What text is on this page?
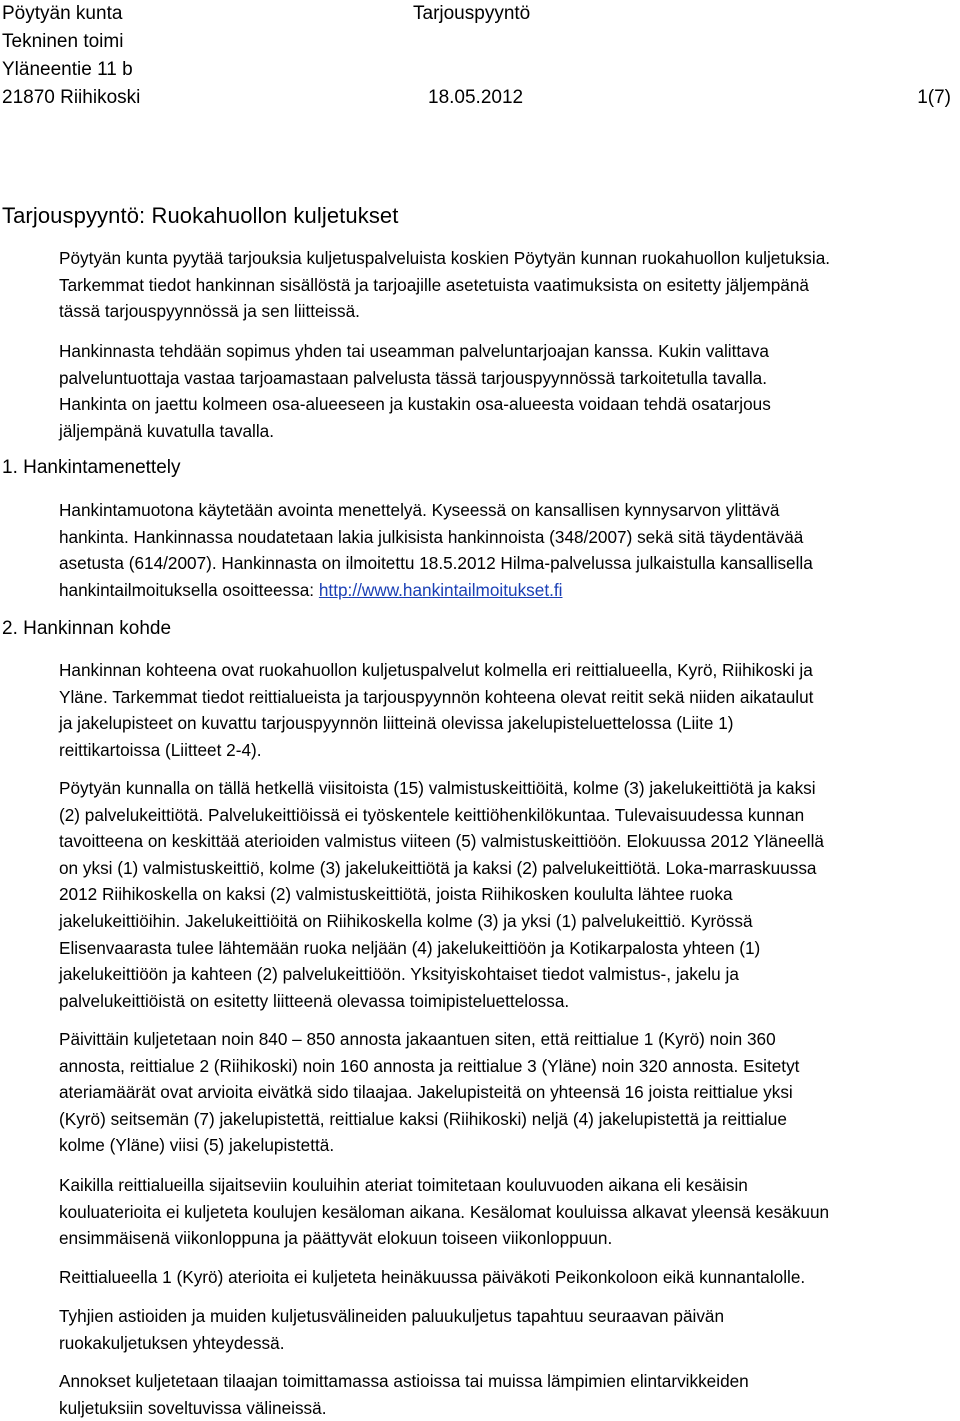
Pöytyän kunta
Tekninen toimi
Yläneentie 11 b
21870 Riihikoski
Tarjouspyyntö
18.05.2012	1(7)
Tarjouspyyntö: Ruokahuollon kuljetukset
Pöytyän kunta pyytää tarjouksia kuljetuspalveluista koskien Pöytyän kunnan ruokahuollon kuljetuksia.
Tarkemmat tiedot hankinnan sisällöstä ja tarjoajille asetetuista vaatimuksista on esitetty jäljempänä
tässä tarjouspyynnössä ja sen liitteissä.
Hankinnasta tehdään sopimus yhden tai useamman palveluntarjoajan kanssa. Kukin valittava
palveluntuottaja vastaa tarjoamastaan palvelusta tässä tarjouspyynnössä tarkoitetulla tavalla.
Hankinta on jaettu kolmeen osa-alueeseen ja kustakin osa-alueesta voidaan tehdä osatarjous
jäljempänä kuvatulla tavalla.
1. Hankintamenettely
Hankintamuotona käytetään avointa menettelyä. Kyseessä on kansallisen kynnysarvon ylittävä
hankinta. Hankinnassa noudatetaan lakia julkisista hankinnoista (348/2007) sekä sitä täydentävää
asetusta (614/2007). Hankinnasta on ilmoitettu 18.5.2012 Hilma-palvelussa julkaistulla kansallisella
hankintailmoituksella osoitteessa: http://www.hankintailmoitukset.fi
2. Hankinnan kohde
Hankinnan kohteena ovat ruokahuollon kuljetuspalvelut kolmella eri reittialueella, Kyrö, Riihikoski ja
Yläne. Tarkemmat tiedot reittialueista ja tarjouspyynnön kohteena olevat reitit sekä niiden aikataulut
ja jakelupisteet on kuvattu tarjouspyynnön liitteinä olevissa jakelupisteluettelossa (Liite 1)
reittikartoissa (Liitteet 2-4).
Pöytyän kunnalla on tällä hetkellä viisitoista (15) valmistuskeittiöitä, kolme (3) jakelukeittiötä ja kaksi
(2) palvelukeittiötä. Palvelukeittiöissä ei työskentele keittiöhenkilökuntaa. Tulevaisuudessa kunnan
tavoitteena on keskittää aterioiden valmistus viiteen (5) valmistuskeittiöön. Elokuussa 2012 Yläneellä
on yksi (1) valmistuskeittiö, kolme (3) jakelukeittiötä ja kaksi (2) palvelukeittiötä. Loka-marraskuussa
2012 Riihikoskella on kaksi (2) valmistuskeittiötä, joista Riihikosken koululta lähtee ruoka
jakelukeittiöihin. Jakelukeittiöitä on Riihikoskella kolme (3) ja yksi (1) palvelukeittiö. Kyrössä
Elisenvaarasta tulee lähtemään ruoka neljään (4) jakelukeittiöön ja Kotikarpalosta yhteen (1)
jakelukeittiöön ja kahteen (2) palvelukeittiöön. Yksityiskohtaiset tiedot valmistus-, jakelu ja
palvelukeittiöistä on esitetty liitteenä olevassa toimipisteluettelossa.
Päivittäin kuljetetaan noin 840 – 850 annosta jakaantuen siten, että reittialue 1 (Kyrö) noin 360
annosta, reittialue 2 (Riihikoski) noin 160 annosta ja reittialue 3 (Yläne) noin 320 annosta. Esitetyt
ateriamäärät ovat arvioita eivätkä sido tilaajaa. Jakelupisteitä on yhteensä 16 joista reittialue yksi
(Kyrö) seitsemän (7) jakelupistettä, reittialue kaksi (Riihikoski) neljä (4) jakelupistettä ja reittialue
kolme (Yläne) viisi (5) jakelupistettä.
Kaikilla reittialueilla sijaitseviin kouluihin ateriat toimitetaan kouluvuoden aikana eli kesäisin
kouluaterioita ei kuljeteta koulujen kesäloman aikana. Kesälomat kouluissa alkavat yleensä kesäkuun
ensimmäisenä viikonloppuna ja päättyvät elokuun toiseen viikonloppuun.
Reittialueella 1 (Kyrö) aterioita ei kuljeteta heinäkuussa päiväkoti Peikonkoloon eikä kunnantalolle.
Tyhjien astioiden ja muiden kuljetusvälineiden paluukuljetus tapahtuu seuraavan päivän
ruokakuljetuksen yhteydessä.
Annokset kuljetetaan tilaajan toimittamassa astioissa tai muissa lämpimien elintarvikkeiden
kuljetuksiin soveltuvissa välineissä.
